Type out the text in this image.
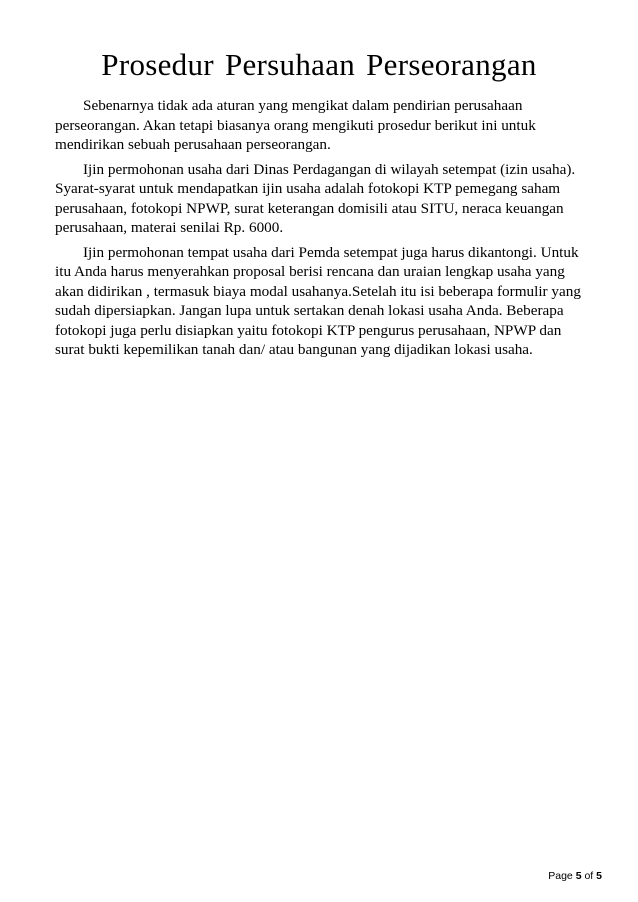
Prosedur Persuhaan Perseorangan

Sebenarnya tidak ada aturan yang mengikat dalam pendirian perusahaan perseorangan. Akan tetapi biasanya orang mengikuti prosedur berikut ini untuk mendirikan sebuah perusahaan perseorangan.

Ijin permohonan usaha dari Dinas Perdagangan di wilayah setempat (izin usaha). Syarat-syarat untuk mendapatkan ijin usaha adalah fotokopi KTP pemegang saham perusahaan, fotokopi NPWP, surat keterangan domisili atau SITU, neraca keuangan perusahaan, materai senilai Rp. 6000.

Ijin permohonan tempat usaha dari Pemda setempat juga harus dikantongi. Untuk itu Anda harus menyerahkan proposal berisi rencana dan uraian lengkap usaha yang akan didirikan , termasuk biaya modal usahanya.Setelah itu isi beberapa formulir yang sudah dipersiapkan. Jangan lupa untuk sertakan denah lokasi usaha Anda. Beberapa fotokopi juga perlu disiapkan yaitu fotokopi KTP pengurus perusahaan, NPWP dan surat bukti kepemilikan tanah dan/ atau bangunan yang dijadikan lokasi usaha.

Page 5 of 5
